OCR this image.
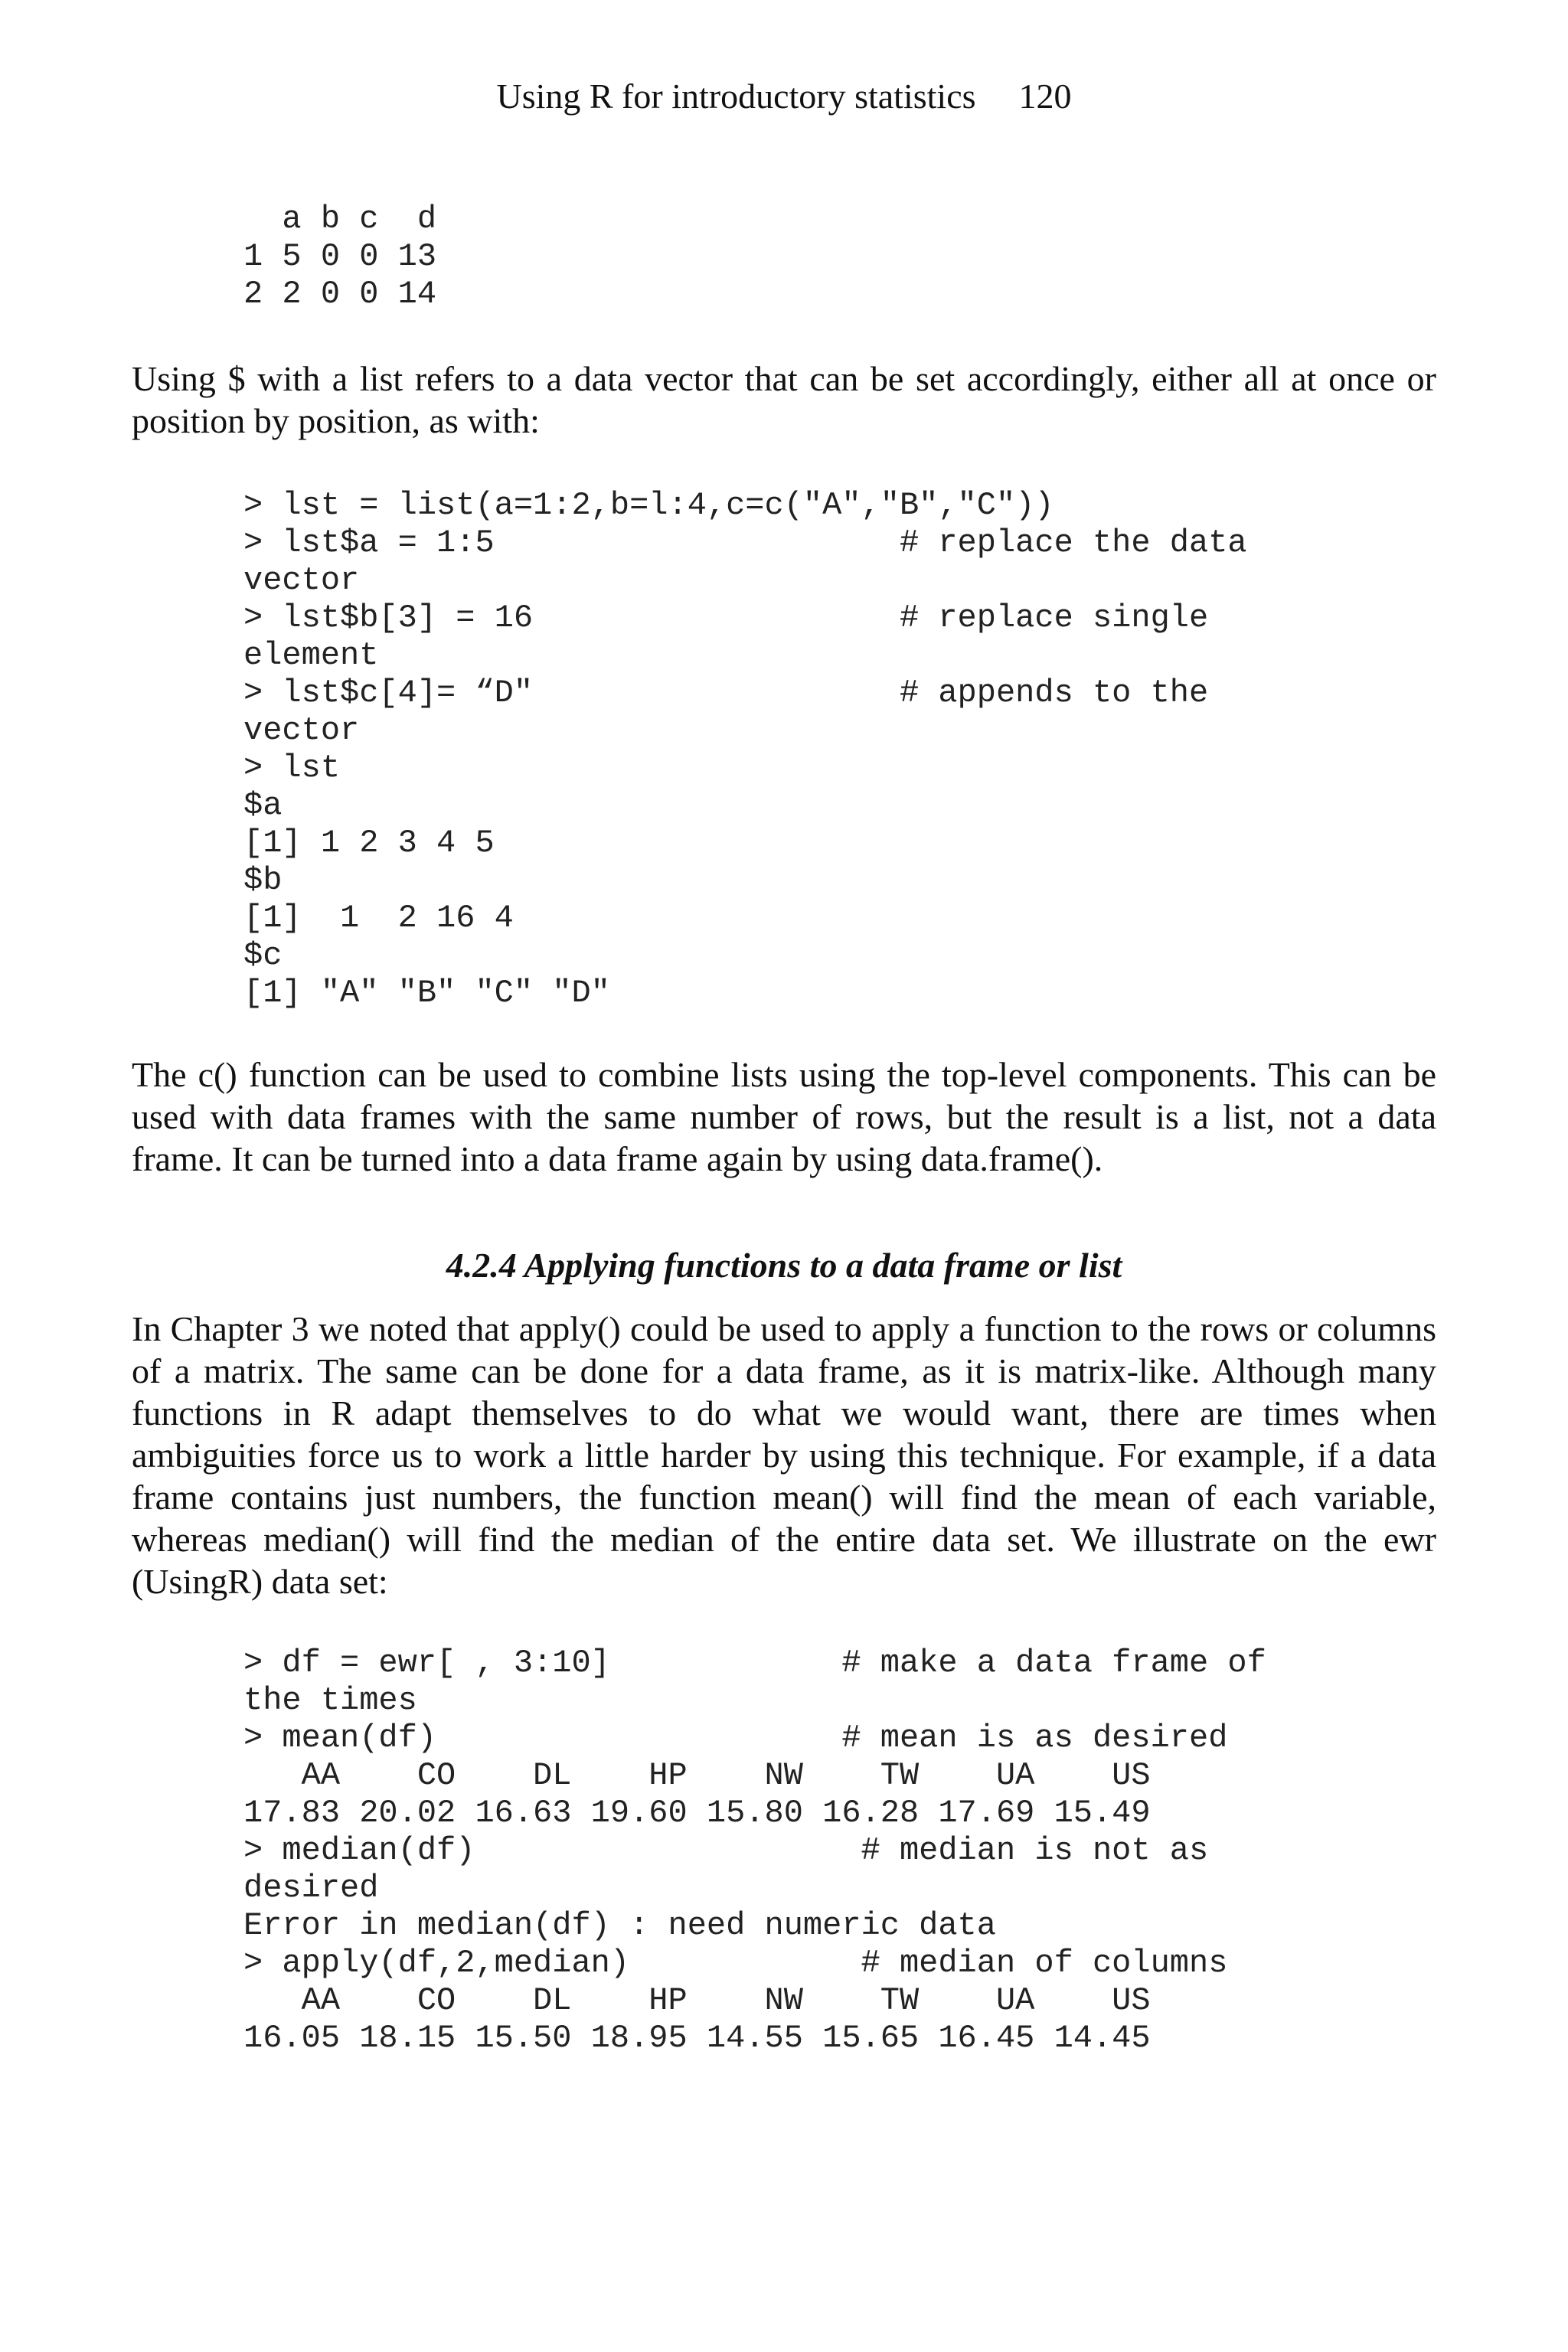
Using R for introductory statistics 120
a b c  d
1 5 0 0 13
2 2 0 0 14

Using $ with a list refers to a data vector that can be set accordingly, either all at once or position by position, as with:

> lst = list(a=1:2,b=l:4,c=c("A","B","C"))
> lst$a = 1:5                     # replace the data
vector
> lst$b[3] = 16                   # replace single
element
> lst$c[4]= “D"                   # appends to the
vector
> lst
$a
[1] 1 2 3 4 5
$b
[1]  1  2 16 4
$c
[1] "A" "B" "C" "D"

The c() function can be used to combine lists using the top-level components. This can be used with data frames with the same number of rows, but the result is a list, not a data frame. It can be turned into a data frame again by using data.frame().

4.2.4 Applying functions to a data frame or list

In Chapter 3 we noted that apply() could be used to apply a function to the rows or columns of a matrix. The same can be done for a data frame, as it is matrix-like. Although many functions in R adapt themselves to do what we would want, there are times when ambiguities force us to work a little harder by using this technique. For example, if a data frame contains just numbers, the function mean() will find the mean of each variable, whereas median() will find the median of the entire data set. We illustrate on the ewr (UsingR) data set:

> df = ewr[ , 3:10]            # make a data frame of
the times
> mean(df)                     # mean is as desired
AA    CO    DL    HP    NW    TW    UA    US
17.83 20.02 16.63 19.60 15.80 16.28 17.69 15.49
> median(df)                    # median is not as
desired
Error in median(df) : need numeric data
> apply(df,2,median)            # median of columns
AA    CO    DL    HP    NW    TW    UA    US
16.05 18.15 15.50 18.95 14.55 15.65 16.45 14.45
